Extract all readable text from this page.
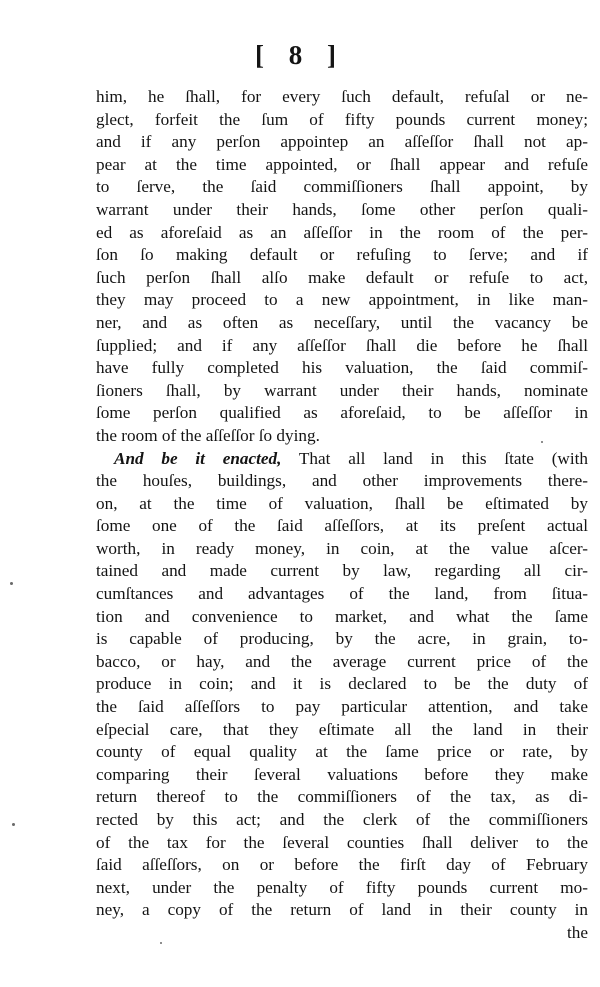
[ 8 ]
him, he ſhall, for every ſuch default, refuſal or ne-
glect, forfeit the ſum of fifty pounds current money;
and if any perſon appointep an aſſeſſor ſhall not ap-
pear at the time appointed, or ſhall appear and refuſe
to ſerve, the ſaid commiſſioners ſhall appoint, by
warrant under their hands, ſome other perſon quali-
ed as aforeſaid as an aſſeſſor in the room of the per-
ſon ſo making default or refuſing to ſerve; and if
ſuch perſon ſhall alſo make default or refuſe to act,
they may proceed to a new appointment, in like man-
ner, and as often as neceſſary, until the vacancy be
ſupplied; and if any aſſeſſor ſhall die before he ſhall
have fully completed his valuation, the ſaid commiſ-
ſioners ſhall, by warrant under their hands, nominate
ſome perſon qualified as aforeſaid, to be aſſeſſor in
the room of the aſſeſſor ſo dying.
And be it enacted, That all land in this ſtate (with
the houſes, buildings, and other improvements there-
on, at the time of valuation, ſhall be eſtimated by
ſome one of the ſaid aſſeſſors, at its preſent actual
worth, in ready money, in coin, at the value aſcer-
tained and made current by law, regarding all cir-
cumſtances and advantages of the land, from ſitua-
tion and convenience to market, and what the ſame
is capable of producing, by the acre, in grain, to-
bacco, or hay, and the average current price of the
produce in coin; and it is declared to be the duty of
the ſaid aſſeſſors to pay particular attention, and take
eſpecial care, that they eſtimate all the land in their
county of equal quality at the ſame price or rate, by
comparing their ſeveral valuations before they make
return thereof to the commiſſioners of the tax, as di-
rected by this act; and the clerk of the commiſſioners
of the tax for the ſeveral counties ſhall deliver to the
ſaid aſſeſſors, on or before the firſt day of February
next, under the penalty of fifty pounds current mo-
ney, a copy of the return of land in their county in
the
